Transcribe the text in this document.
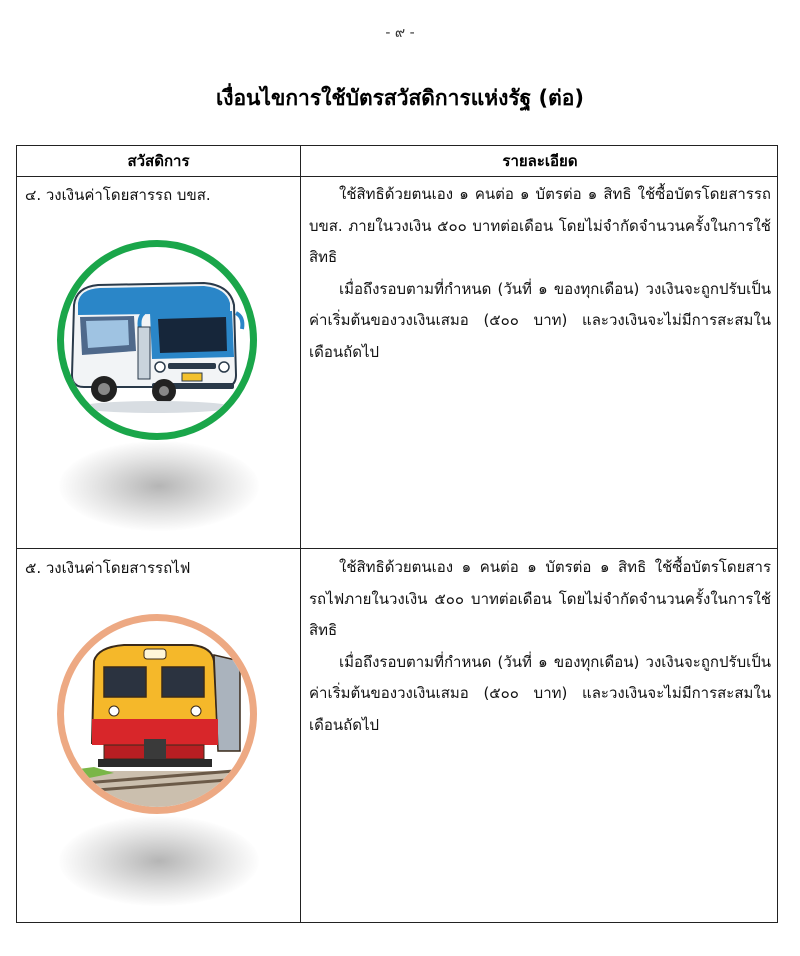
- ๙ -
เงื่อนไขการใช้บัตรสวัสดิการแห่งรัฐ (ต่อ)
สวัสดิการ	รายละเอียด
๔. วงเงินค่าโดยสารรถ บขส.	ใช้สิทธิด้วยตนเอง ๑ คนต่อ ๑ บัตรต่อ ๑ สิทธิ ใช้ซื้อบัตรโดยสารรถ บขส. ภายในวงเงิน ๕๐๐ บาทต่อเดือน โดยไม่จำกัดจำนวนครั้งในการใช้สิทธิ

เมื่อถึงรอบตามที่กำหนด (วันที่ ๑ ของทุกเดือน) วงเงินจะถูกปรับเป็นค่าเริ่มต้นของวงเงินเสมอ (๕๐๐ บาท) และวงเงินจะไม่มีการสะสมในเดือนถัดไป

๕. วงเงินค่าโดยสารรถไฟ	ใช้สิทธิด้วยตนเอง ๑ คนต่อ ๑ บัตรต่อ ๑ สิทธิ ใช้ซื้อบัตรโดยสารรถไฟภายในวงเงิน ๕๐๐ บาทต่อเดือน โดยไม่จำกัดจำนวนครั้งในการใช้สิทธิ

เมื่อถึงรอบตามที่กำหนด (วันที่ ๑ ของทุกเดือน) วงเงินจะถูกปรับเป็นค่าเริ่มต้นของวงเงินเสมอ (๕๐๐ บาท) และวงเงินจะไม่มีการสะสมในเดือนถัดไป
